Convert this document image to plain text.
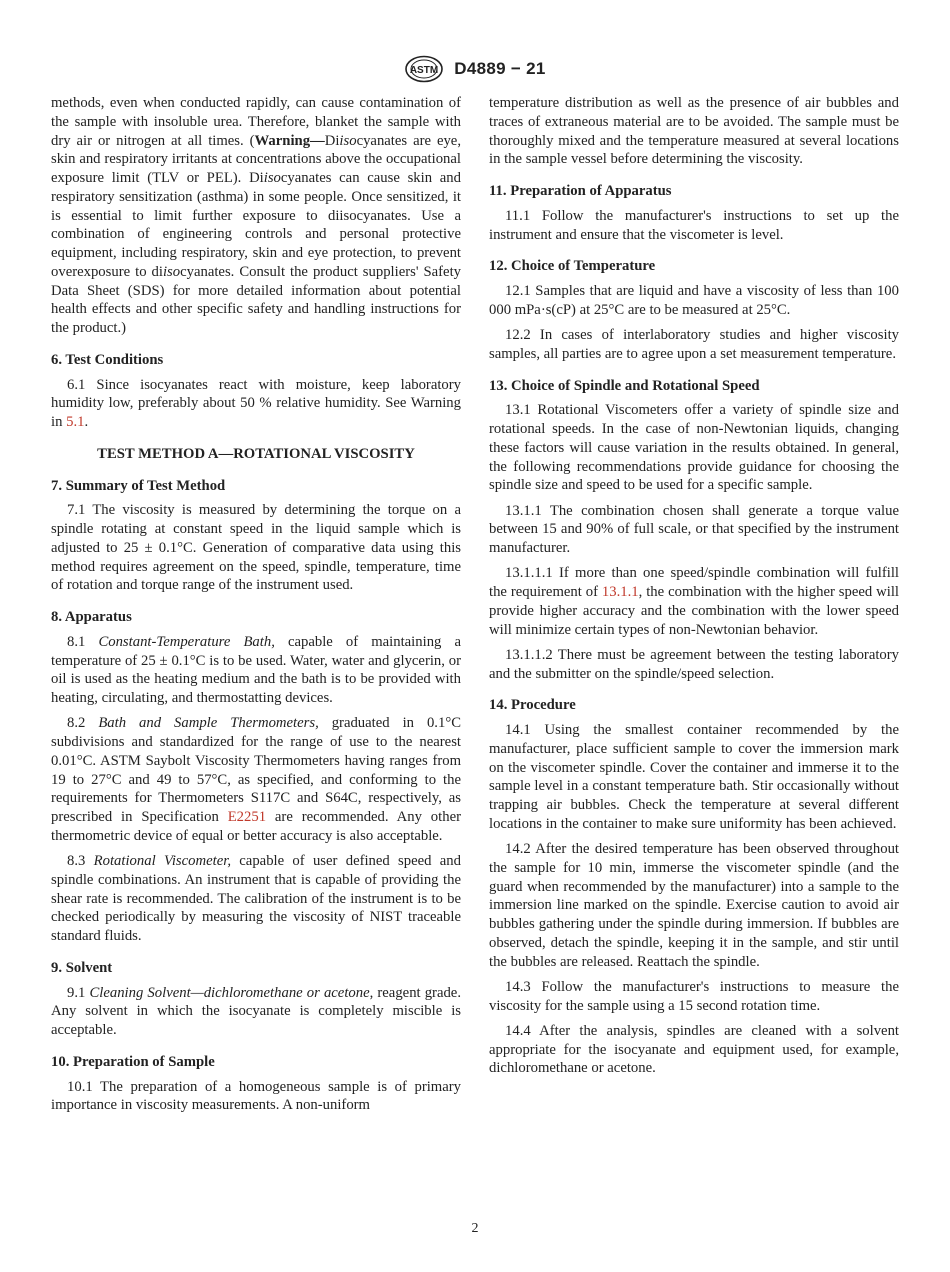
ASTM D4889 − 21

methods, even when conducted rapidly, can cause contamination of the sample with insoluble urea. Therefore, blanket the sample with dry air or nitrogen at all times. (Warning—Diisocyanates are eye, skin and respiratory irritants at concentrations above the occupational exposure limit (TLV or PEL). Diisocyanates can cause skin and respiratory sensitization (asthma) in some people. Once sensitized, it is essential to limit further exposure to diisocyanates. Use a combination of engineering controls and personal protective equipment, including respiratory, skin and eye protection, to prevent overexposure to diisocyanates. Consult the product suppliers' Safety Data Sheet (SDS) for more detailed information about potential health effects and other specific safety and handling instructions for the product.)

6. Test Conditions

6.1 Since isocyanates react with moisture, keep laboratory humidity low, preferably about 50 % relative humidity. See Warning in 5.1.

TEST METHOD A—ROTATIONAL VISCOSITY
7. Summary of Test Method

7.1 The viscosity is measured by determining the torque on a spindle rotating at constant speed in the liquid sample which is adjusted to 25 ± 0.1°C. Generation of comparative data using this method requires agreement on the speed, spindle, temperature, time of rotation and torque range of the instrument used.

8. Apparatus

8.1 Constant-Temperature Bath, capable of maintaining a temperature of 25 ± 0.1°C is to be used. Water, water and glycerin, or oil is used as the heating medium and the bath is to be provided with heating, circulating, and thermostatting devices.

8.2 Bath and Sample Thermometers, graduated in 0.1°C subdivisions and standardized for the range of use to the nearest 0.01°C. ASTM Saybolt Viscosity Thermometers having ranges from 19 to 27°C and 49 to 57°C, as specified, and conforming to the requirements for Thermometers S117C and S64C, respectively, as prescribed in Specification E2251 are recommended. Any other thermometric device of equal or better accuracy is also acceptable.

8.3 Rotational Viscometer, capable of user defined speed and spindle combinations. An instrument that is capable of providing the shear rate is recommended. The calibration of the instrument is to be checked periodically by measuring the viscosity of NIST traceable standard fluids.

9. Solvent

9.1 Cleaning Solvent—dichloromethane or acetone, reagent grade. Any solvent in which the isocyanate is completely miscible is acceptable.

10. Preparation of Sample

10.1 The preparation of a homogeneous sample is of primary importance in viscosity measurements. A non-uniform

temperature distribution as well as the presence of air bubbles and traces of extraneous material are to be avoided. The sample must be thoroughly mixed and the temperature measured at several locations in the sample vessel before determining the viscosity.

11. Preparation of Apparatus

11.1 Follow the manufacturer's instructions to set up the instrument and ensure that the viscometer is level.

12. Choice of Temperature

12.1 Samples that are liquid and have a viscosity of less than 100 000 mPa·s(cP) at 25°C are to be measured at 25°C.

12.2 In cases of interlaboratory studies and higher viscosity samples, all parties are to agree upon a set measurement temperature.

13. Choice of Spindle and Rotational Speed

13.1 Rotational Viscometers offer a variety of spindle size and rotational speeds. In the case of non-Newtonian liquids, changing these factors will cause variation in the results obtained. In general, the following recommendations provide guidance for choosing the spindle size and speed to be used for a specific sample.

13.1.1 The combination chosen shall generate a torque value between 15 and 90% of full scale, or that specified by the instrument manufacturer.

13.1.1.1 If more than one speed/spindle combination will fulfill the requirement of 13.1.1, the combination with the higher speed will provide higher accuracy and the combination with the lower speed will minimize certain types of non-Newtonian behavior.

13.1.1.2 There must be agreement between the testing laboratory and the submitter on the spindle/speed selection.

14. Procedure

14.1 Using the smallest container recommended by the manufacturer, place sufficient sample to cover the immersion mark on the viscometer spindle. Cover the container and immerse it to the sample level in a constant temperature bath. Stir occasionally without trapping air bubbles. Check the temperature at several different locations in the container to make sure uniformity has been achieved.

14.2 After the desired temperature has been observed throughout the sample for 10 min, immerse the viscometer spindle (and the guard when recommended by the manufacturer) into a sample to the immersion line marked on the spindle. Exercise caution to avoid air bubbles gathering under the spindle during immersion. If bubbles are observed, detach the spindle, keeping it in the sample, and stir until the bubbles are released. Reattach the spindle.

14.3 Follow the manufacturer's instructions to measure the viscosity for the sample using a 15 second rotation time.

14.4 After the analysis, spindles are cleaned with a solvent appropriate for the isocyanate and equipment used, for example, dichloromethane or acetone.

2
